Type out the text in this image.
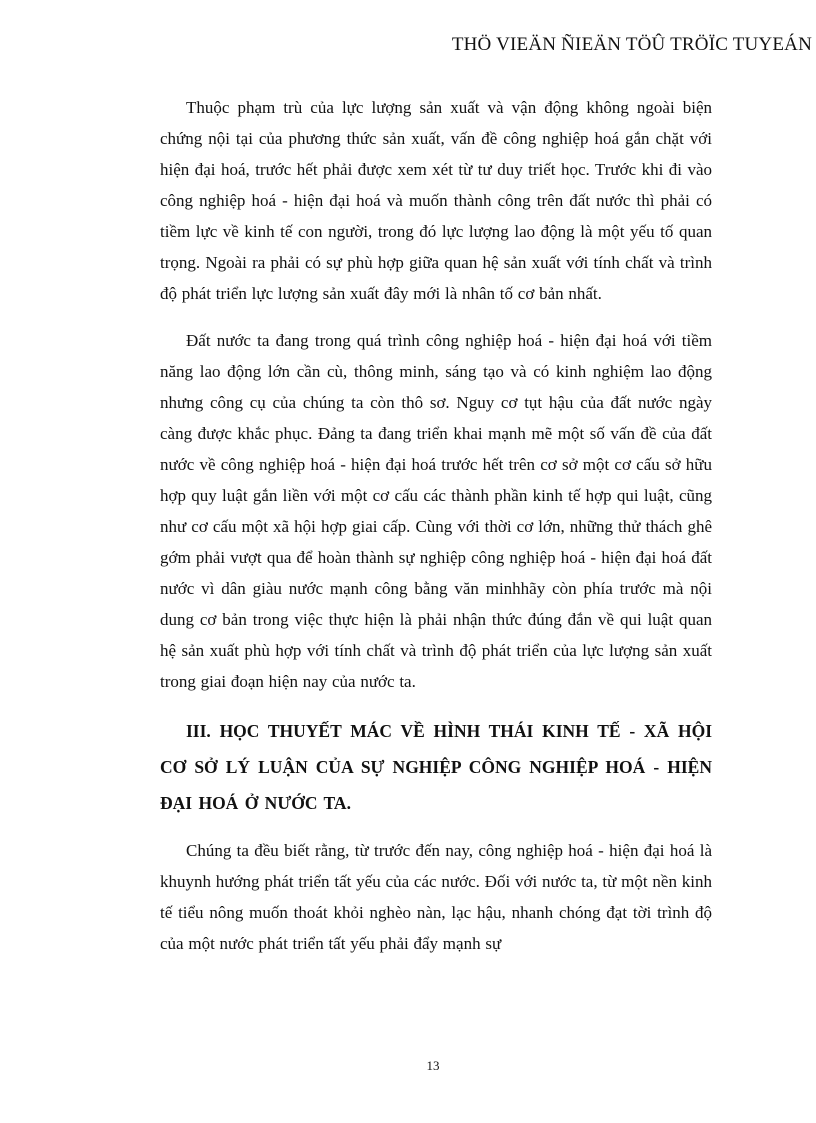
THÖ VIEÄN ÑIEÄN TÖÛ TRÖÏC TUYEÁN

Thuộc phạm trù của lực lượng sản xuất và vận động không ngoài biện chứng nội tại của phương thức sản xuất, vấn đề công nghiệp hoá gắn chặt với hiện đại hoá, trước hết phải được xem xét từ tư duy triết học. Trước khi đi vào công nghiệp hoá - hiện đại hoá và muốn thành công trên đất nước thì phải có tiềm lực về kinh tế con người, trong đó lực lượng lao động là một yếu tố quan trọng. Ngoài ra phải có sự phù hợp giữa quan hệ sản xuất với tính chất và trình độ phát triển lực lượng sản xuất đây mới là nhân tố cơ bản nhất.

Đất nước ta đang trong quá trình công nghiệp hoá - hiện đại hoá với tiềm năng lao động lớn cần cù, thông minh, sáng tạo và có kinh nghiệm lao động nhưng công cụ của chúng ta còn thô sơ. Nguy cơ tụt hậu của đất nước ngày càng được khắc phục. Đảng ta đang triển khai mạnh mẽ một số vấn đề của đất nước về công nghiệp hoá - hiện đại hoá trước hết trên cơ sở một cơ cấu sở hữu hợp quy luật gắn liền với một cơ cấu các thành phần kinh tế hợp qui luật, cũng như cơ cấu một xã hội hợp giai cấp. Cùng với thời cơ lớn, những thử thách ghê gớm phải vượt qua để hoàn thành sự nghiệp công nghiệp hoá - hiện đại hoá đất nước vì dân giàu nước mạnh công bằng văn minhhãy còn phía trước mà nội dung cơ bản trong việc thực hiện là phải nhận thức đúng đắn về qui luật quan hệ sản xuất phù hợp với tính chất và trình độ phát triển của lực lượng sản xuất trong giai đoạn hiện nay của nước ta.

III. HỌC THUYẾT MÁC VỀ HÌNH THÁI KINH TẾ - XÃ HỘI CƠ SỞ LÝ LUẬN CỦA SỰ NGHIỆP CÔNG NGHIỆP HOÁ - HIỆN ĐẠI HOÁ Ở NƯỚC TA.

Chúng ta đều biết rằng, từ trước đến nay, công nghiệp hoá - hiện đại hoá là khuynh hướng phát triển tất yếu của các nước. Đối với nước ta, từ một nền kinh tế tiểu nông muốn thoát khỏi nghèo nàn, lạc hậu, nhanh chóng đạt tời trình độ của một nước phát triển tất yếu phải đẩy mạnh sự

13
